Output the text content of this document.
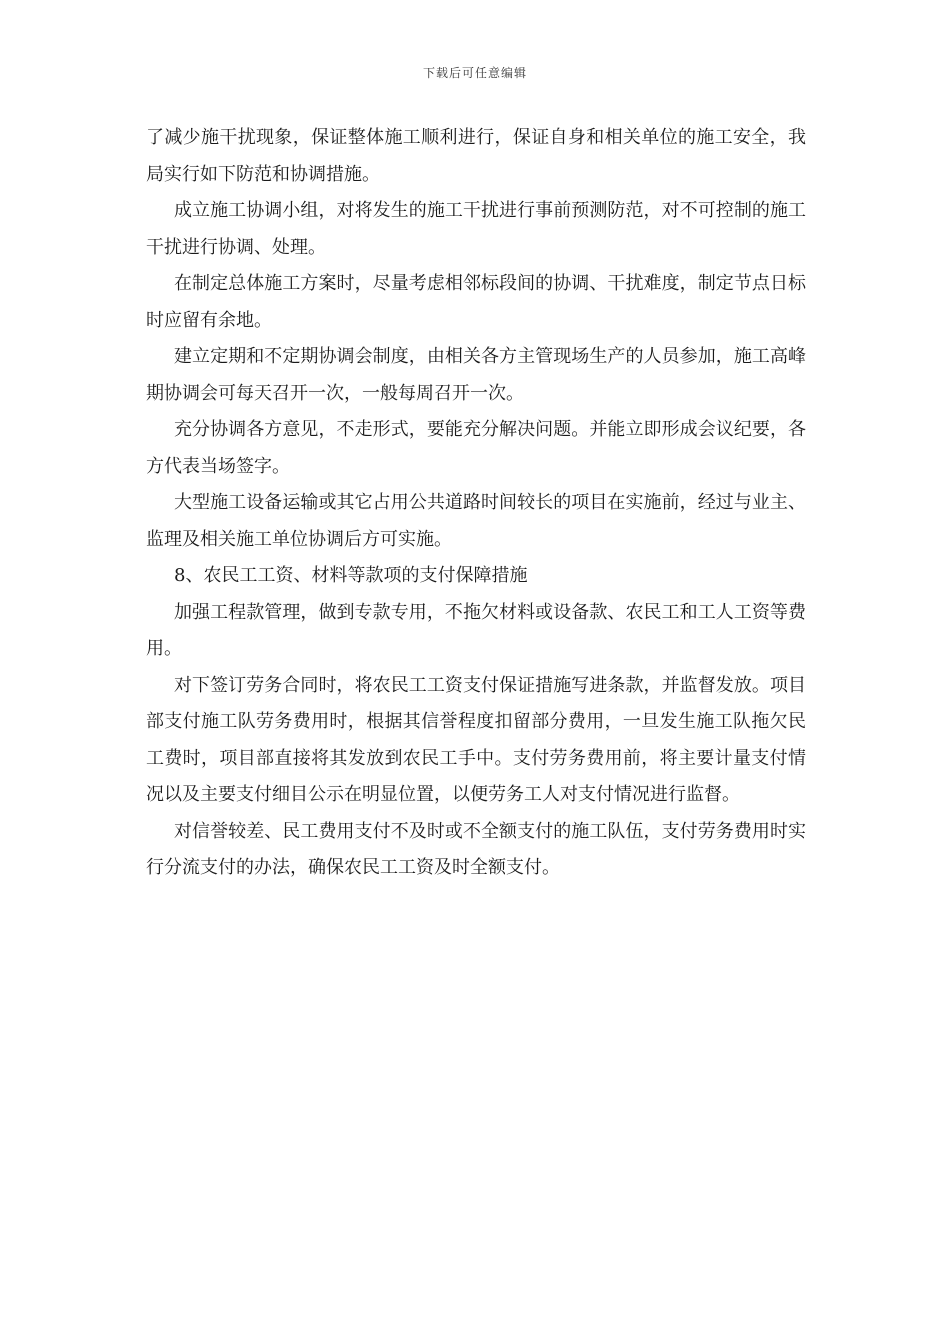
下载后可任意编辑

了减少施干扰现象，保证整体施工顺利进行，保证自身和相关单位的施工安全，我局实行如下防范和协调措施。

成立施工协调小组，对将发生的施工干扰进行事前预测防范，对不可控制的施工干扰进行协调、处理。

在制定总体施工方案时，尽量考虑相邻标段间的协调、干扰难度，制定节点日标时应留有余地。

建立定期和不定期协调会制度，由相关各方主管现场生产的人员参加，施工高峰期协调会可每天召开一次，一般每周召开一次。

充分协调各方意见，不走形式，要能充分解决问题。并能立即形成会议纪要，各方代表当场签字。

大型施工设备运输或其它占用公共道路时间较长的项目在实施前，经过与业主、监理及相关施工单位协调后方可实施。

8、农民工工资、材料等款项的支付保障措施

加强工程款管理，做到专款专用，不拖欠材料或设备款、农民工和工人工资等费用。

对下签订劳务合同时，将农民工工资支付保证措施写进条款，并监督发放。项目部支付施工队劳务费用时，根据其信誉程度扣留部分费用，一旦发生施工队拖欠民工费时，项目部直接将其发放到农民工手中。支付劳务费用前，将主要计量支付情况以及主要支付细目公示在明显位置，以便劳务工人对支付情况进行监督。

对信誉较差、民工费用支付不及时或不全额支付的施工队伍，支付劳务费用时实行分流支付的办法，确保农民工工资及时全额支付。
